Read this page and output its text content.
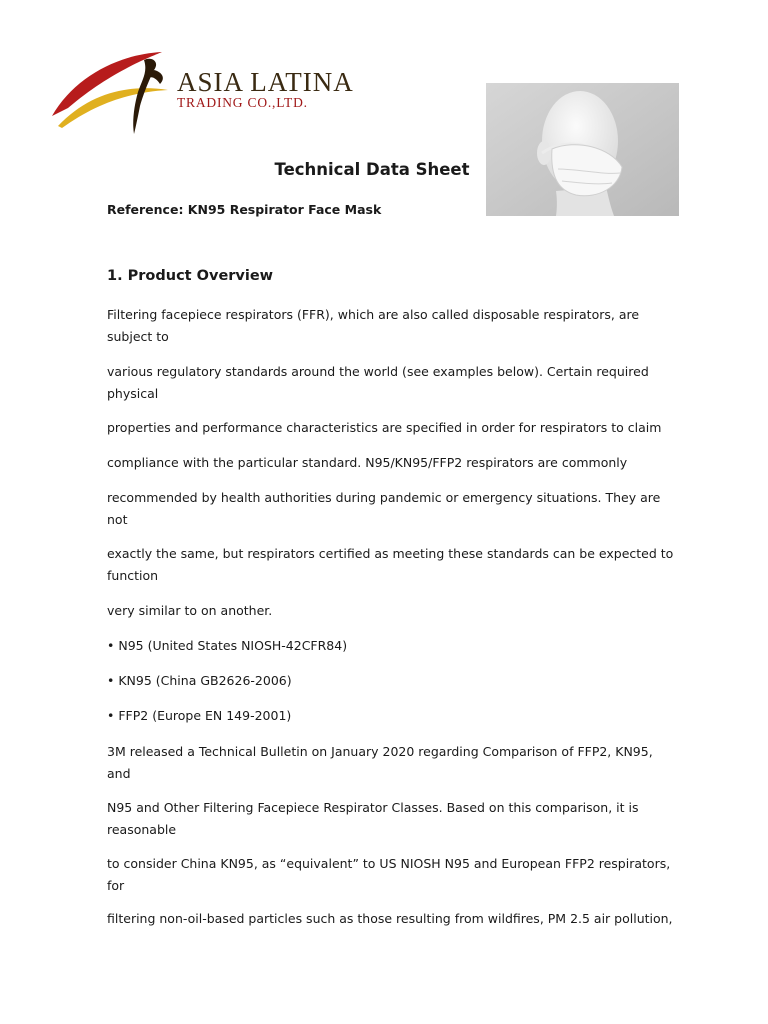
ASIA LATINA
TRADING CO.,LTD.
Technical Data Sheet

Reference: KN95 Respirator Face Mask

1. Product Overview

Filtering facepiece respirators (FFR), which are also called disposable respirators, are
subject to

various regulatory standards around the world (see examples below). Certain required
physical

properties and performance characteristics are specified in order for respirators to claim

compliance with the particular standard. N95/KN95/FFP2 respirators are commonly

recommended by health authorities during pandemic or emergency situations. They are
not

exactly the same, but respirators certified as meeting these standards can be expected to
function

very similar to on another.

• N95 (United States NIOSH-42CFR84)

• KN95 (China GB2626-2006)

• FFP2 (Europe EN 149-2001)

3M released a Technical Bulletin on January 2020 regarding Comparison of FFP2, KN95,
and

N95 and Other Filtering Facepiece Respirator Classes. Based on this comparison, it is
reasonable

to consider China KN95, as “equivalent” to US NIOSH N95 and European FFP2 respirators,
for

filtering non-oil-based particles such as those resulting from wildfires, PM 2.5 air pollution,
